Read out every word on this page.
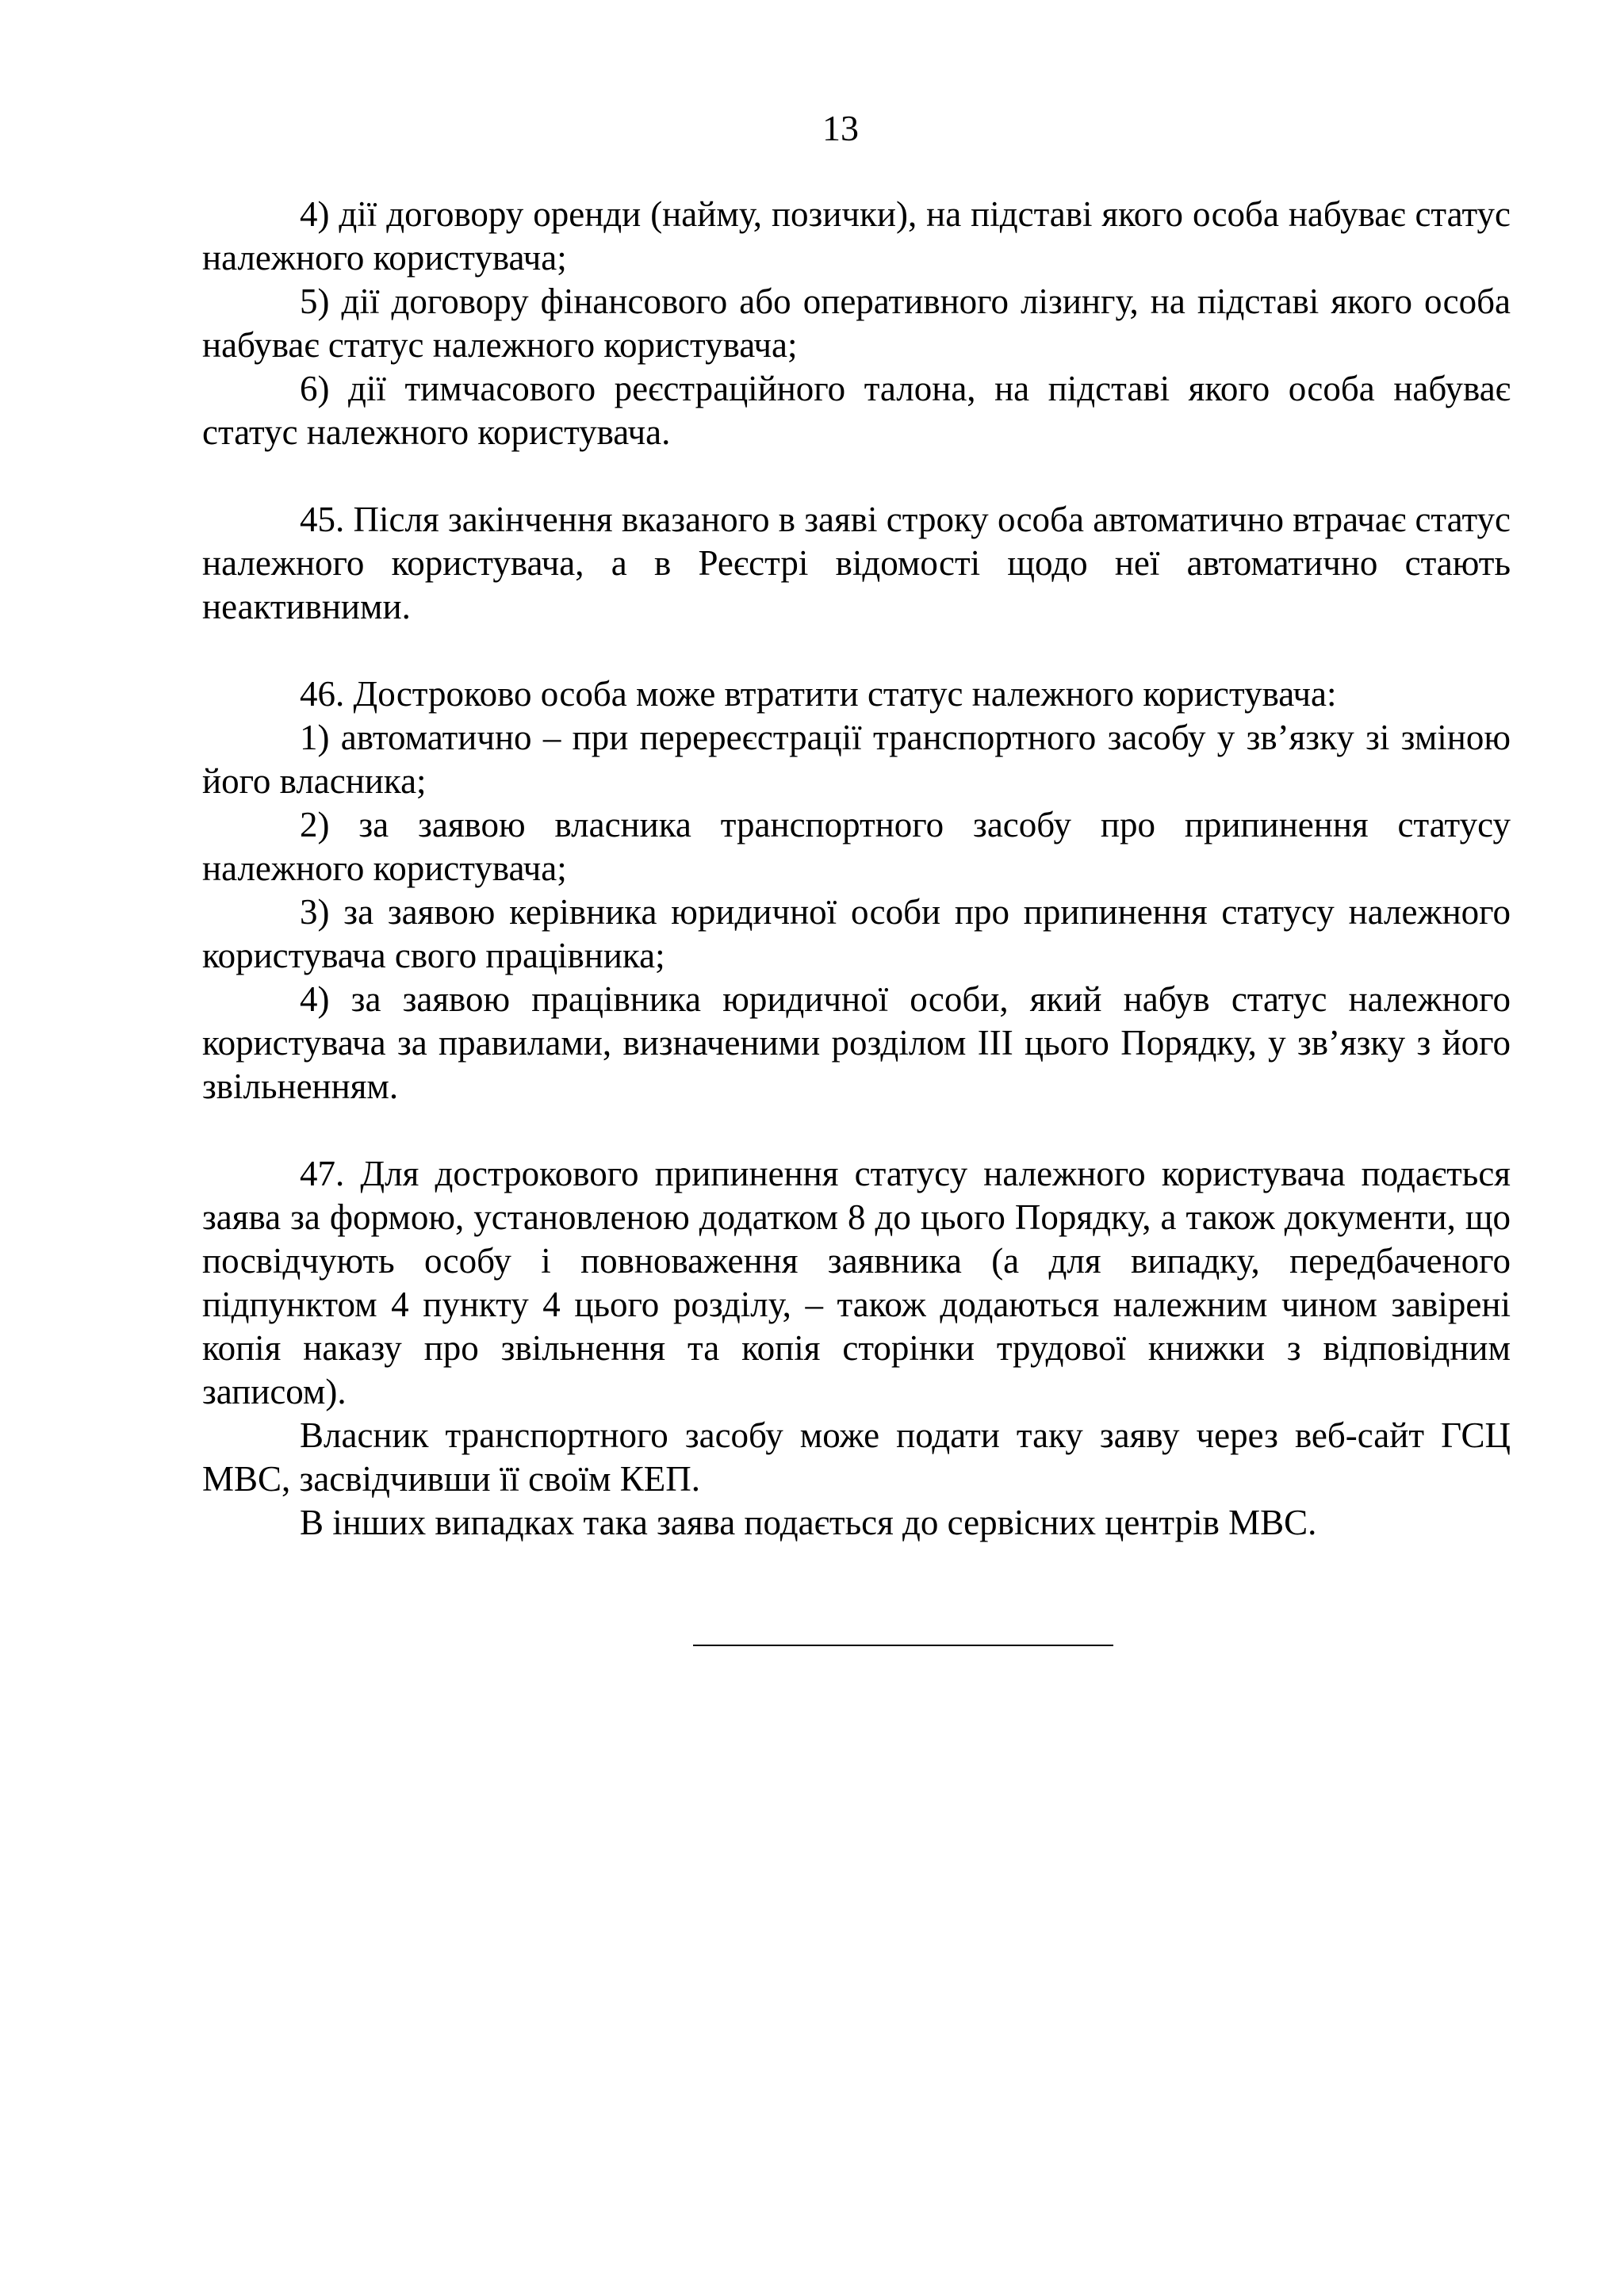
13

4) дії договору оренди (найму, позички), на підставі якого особа набуває статус належного користувача;

5) дії договору фінансового або оперативного лізингу, на підставі якого особа набуває статус належного користувача;

6) дії тимчасового реєстраційного талона, на підставі якого особа набуває статус належного користувача.

45. Після закінчення вказаного в заяві строку особа автоматично втрачає статус належного користувача, а в Реєстрі відомості щодо неї автоматично стають неактивними.

46. Достроково особа може втратити статус належного користувача:

1) автоматично – при перереєстрації транспортного засобу у зв’язку зі зміною його власника;

2) за заявою власника транспортного засобу про припинення статусу належного користувача;

3) за заявою керівника юридичної особи про припинення статусу належного користувача свого працівника;

4) за заявою працівника юридичної особи, який набув статус належного користувача за правилами, визначеними розділом ІІІ цього Порядку, у зв’язку з його звільненням.

47. Для дострокового припинення статусу належного користувача подається заява за формою, установленою додатком 8 до цього Порядку, а також документи, що посвідчують особу і повноваження заявника (а для випадку, передбаченого підпунктом 4 пункту 4 цього розділу, – також додаються належним чином завірені копія наказу про звільнення та копія сторінки трудової книжки з відповідним записом).

Власник транспортного засобу може подати таку заяву через веб-сайт ГСЦ МВС, засвідчивши її своїм КЕП.

В інших випадках така заява подається до сервісних центрів МВС.
